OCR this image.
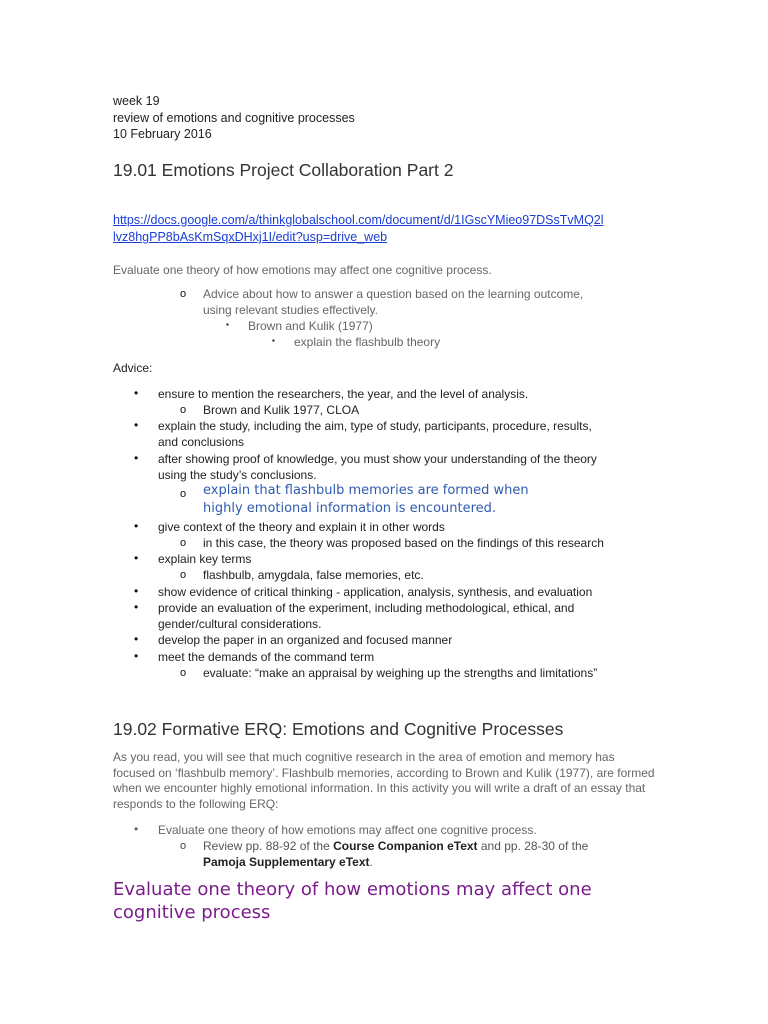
week 19
review of emotions and cognitive processes
10 February 2016
19.01 Emotions Project Collaboration Part 2
https://docs.google.com/a/thinkglobalschool.com/document/d/1IGscYMieo97DSsTvMQ2l
lvz8hgPP8bAsKmSqxDHxj1I/edit?usp=drive_web
Evaluate one theory of how emotions may affect one cognitive process.
o Advice about how to answer a question based on the learning outcome,
using relevant studies effectively.
▪ Brown and Kulik (1977)
▪ explain the flashbulb theory
Advice:
• ensure to mention the researchers, the year, and the level of analysis.
o Brown and Kulik 1977, CLOA
• explain the study, including the aim, type of study, participants, procedure, results,
and conclusions
• after showing proof of knowledge, you must show your understanding of the theory
using the study’s conclusions.
o explain that flashbulb memories are formed when
highly emotional information is encountered.
• give context of the theory and explain it in other words
o in this case, the theory was proposed based on the findings of this research
• explain key terms
o flashbulb, amygdala, false memories, etc.
• show evidence of critical thinking - application, analysis, synthesis, and evaluation
• provide an evaluation of the experiment, including methodological, ethical, and
gender/cultural considerations.
• develop the paper in an organized and focused manner
• meet the demands of the command term
o evaluate: “make an appraisal by weighing up the strengths and limitations”
19.02 Formative ERQ: Emotions and Cognitive Processes
As you read, you will see that much cognitive research in the area of emotion and memory has focused on ‘flashbulb memory’. Flashbulb memories, according to Brown and Kulik (1977), are formed when we encounter highly emotional information. In this activity you will write a draft of an essay that responds to the following ERQ:
• Evaluate one theory of how emotions may affect one cognitive process.
o Review pp. 88-92 of the Course Companion eText and pp. 28-30 of the
Pamoja Supplementary eText.
Evaluate one theory of how emotions may affect one cognitive process
